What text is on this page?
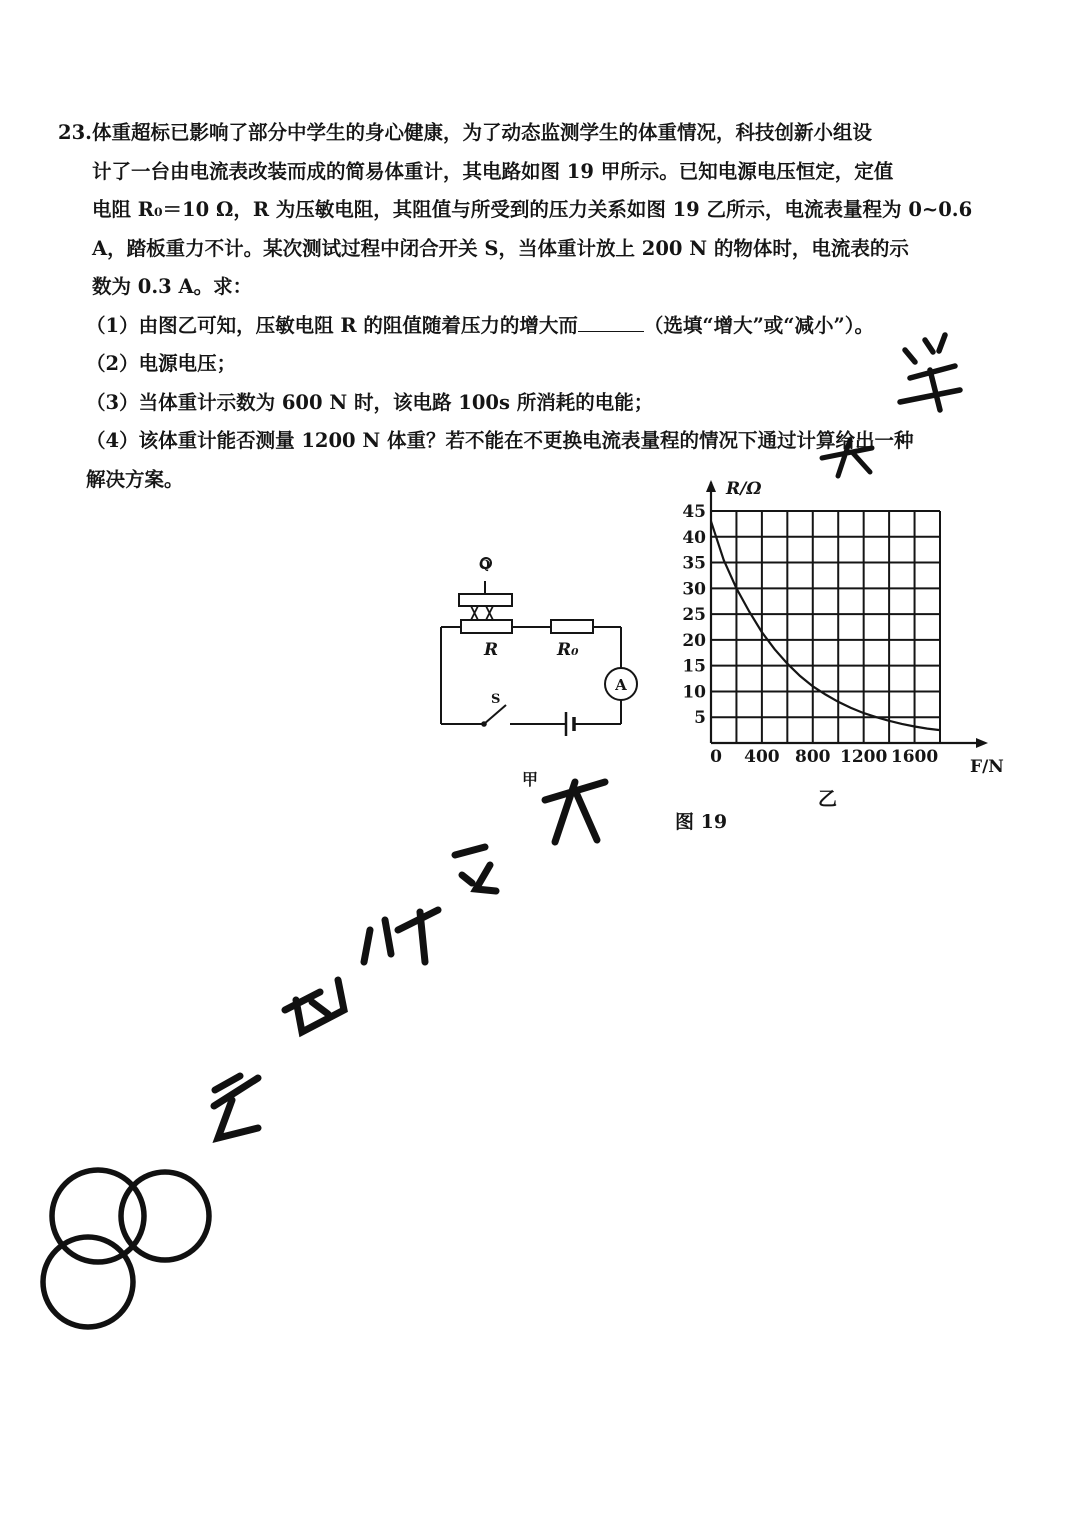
23.体重超标已影响了部分中学生的身心健康，为了动态监测学生的体重情况，科技创新小组设
计了一台由电流表改装而成的简易体重计，其电路如图 19 甲所示。已知电源电压恒定，定值
电阻 R₀＝10 Ω，R 为压敏电阻，其阻值与所受到的压力关系如图 19 乙所示，电流表量程为 0~0.6
A，踏板重力不计。某次测试过程中闭合开关 S，当体重计放上 200 N 的物体时，电流表的示
数为 0.3 A。求：
（1）由图乙可知，压敏电阻 R 的阻值随着压力的增大而	（选填“增大”或“减小”）。
（2）电源电压；
（3）当体重计示数为 600 N 时，该电路 100s 所消耗的电能；
（4）该体重计能否测量 1200 N 体重？若不能在不更换电流表量程的情况下通过计算给出一种
解决方案。
R	R₀
A
S
Q
甲
5
10
15
20
25
30
35
40
45
0 400 800 1200 1600
R/Ω
F/N
乙
图 19
